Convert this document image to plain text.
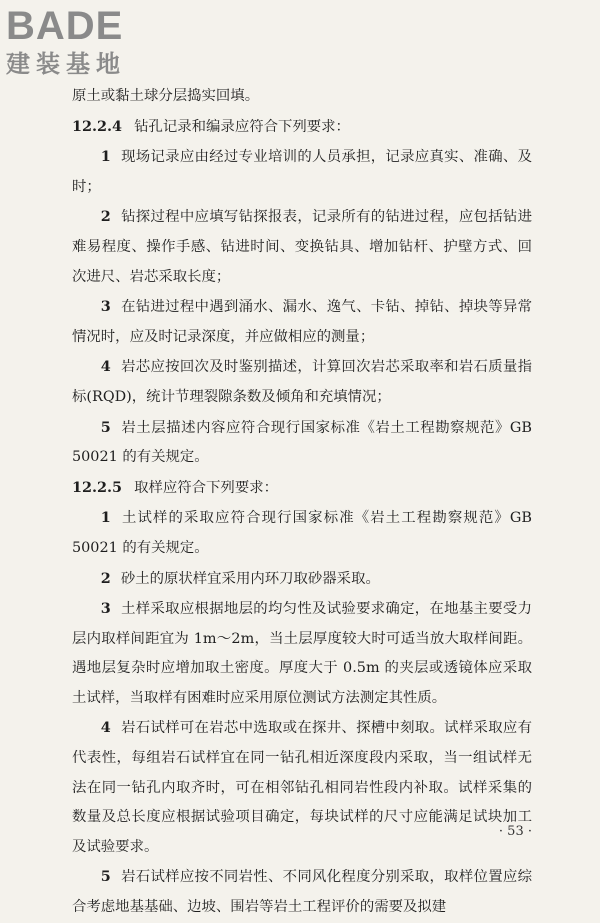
BADE
建装基地

原土或黏土球分层捣实回填。

12.2.4 钻孔记录和编录应符合下列要求：

1 现场记录应由经过专业培训的人员承担，记录应真实、准确、及时；

2 钻探过程中应填写钻探报表，记录所有的钻进过程，应包括钻进难易程度、操作手感、钻进时间、变换钻具、增加钻杆、护壁方式、回次进尺、岩芯采取长度；

3 在钻进过程中遇到涌水、漏水、逸气、卡钻、掉钻、掉块等异常情况时，应及时记录深度，并应做相应的测量；

4 岩芯应按回次及时鉴别描述，计算回次岩芯采取率和岩石质量指标(RQD)，统计节理裂隙条数及倾角和充填情况；

5 岩土层描述内容应符合现行国家标准《岩土工程勘察规范》GB 50021 的有关规定。

12.2.5 取样应符合下列要求：

1 土试样的采取应符合现行国家标准《岩土工程勘察规范》GB 50021 的有关规定。

2 砂土的原状样宜采用内环刀取砂器采取。

3 土样采取应根据地层的均匀性及试验要求确定，在地基主要受力层内取样间距宜为 1m～2m，当土层厚度较大时可适当放大取样间距。遇地层复杂时应增加取土密度。厚度大于 0.5m 的夹层或透镜体应采取土试样，当取样有困难时应采用原位测试方法测定其性质。

4 岩石试样可在岩芯中选取或在探井、探槽中刻取。试样采取应有代表性，每组岩石试样宜在同一钻孔相近深度段内采取，当一组试样无法在同一钻孔内取齐时，可在相邻钻孔相同岩性段内补取。试样采集的数量及总长度应根据试验项目确定，每块试样的尺寸应能满足试块加工及试验要求。

5 岩石试样应按不同岩性、不同风化程度分别采取，取样位置应综合考虑地基基础、边坡、围岩等岩土工程评价的需要及拟建

· 53 ·
